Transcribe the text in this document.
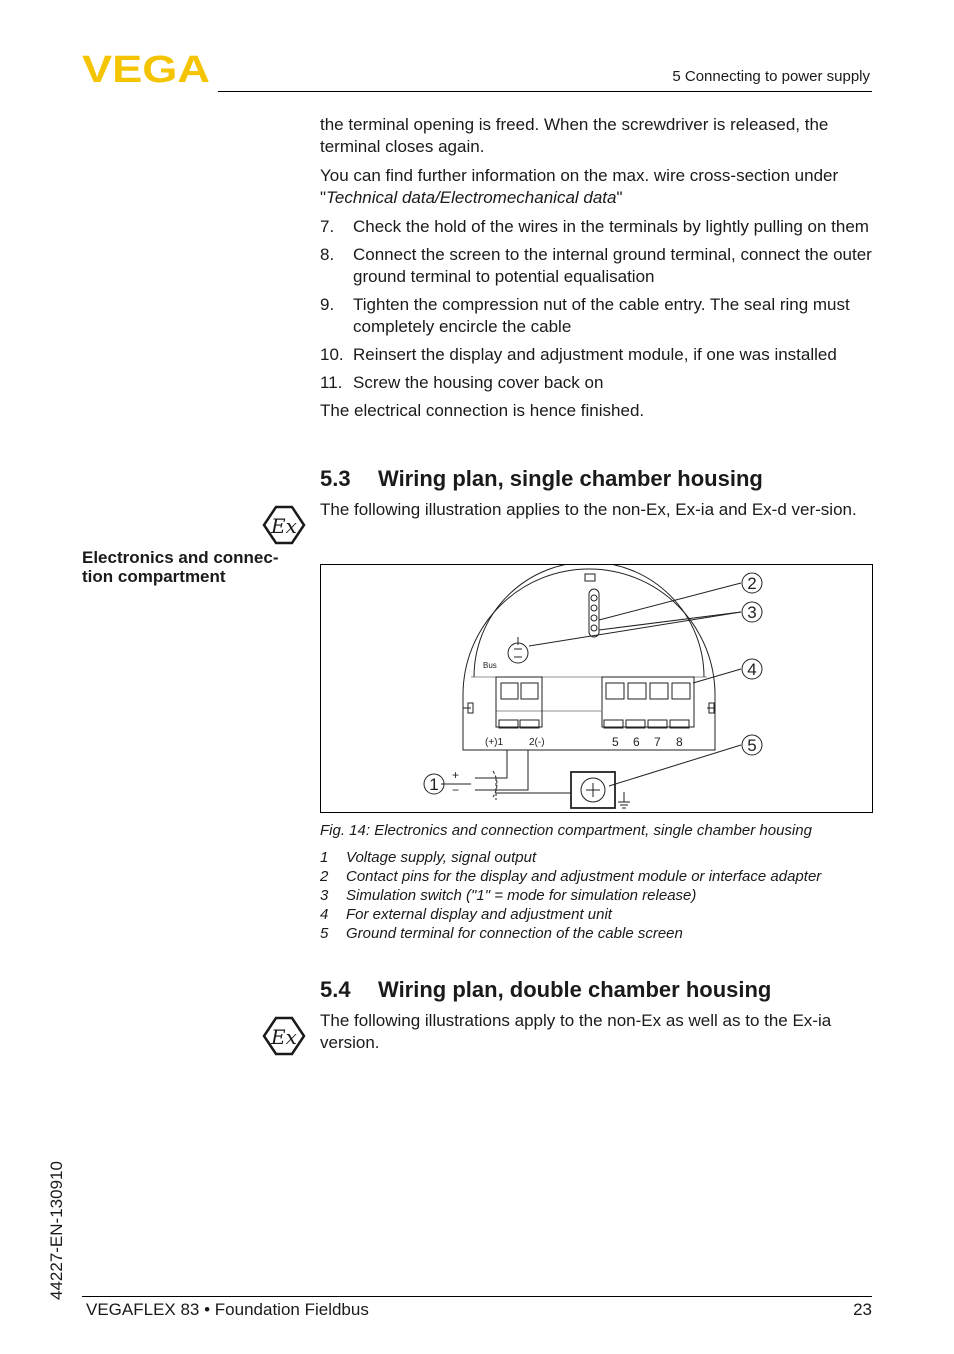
VEGA	5 Connecting to power supply

the terminal opening is freed. When the screwdriver is released, the terminal closes again.

You can find further information on the max. wire cross-section under "Technical data/Electromechanical data"

7.	Check the hold of the wires in the terminals by lightly pulling on them
8.	Connect the screen to the internal ground terminal, connect the outer ground terminal to potential equalisation
9.	Tighten the compression nut of the cable entry. The seal ring must completely encircle the cable
10. Reinsert the display and adjustment module, if one was installed
11. Screw the housing cover back on

The electrical connection is hence finished.

5.3 Wiring plan, single chamber housing
Ex
The following illustration applies to the non-Ex, Ex-ia and Ex-d ver-sion.
Electronics and connec-tion compartment
Bus
(+)1	2(-)	5 6 7 8
+
−
2
3
4
5
1
Fig. 14: Electronics and connection compartment, single chamber housing
1	Voltage supply, signal output
2	Contact pins for the display and adjustment module or interface adapter
3	Simulation switch ("1" = mode for simulation release)
4	For external display and adjustment unit
5	Ground terminal for connection of the cable screen
5.4 Wiring plan, double chamber housing
Ex
The following illustrations apply to the non-Ex as well as to the Ex-ia version.
44227-EN-130910
VEGAFLEX 83 • Foundation Fieldbus	23
